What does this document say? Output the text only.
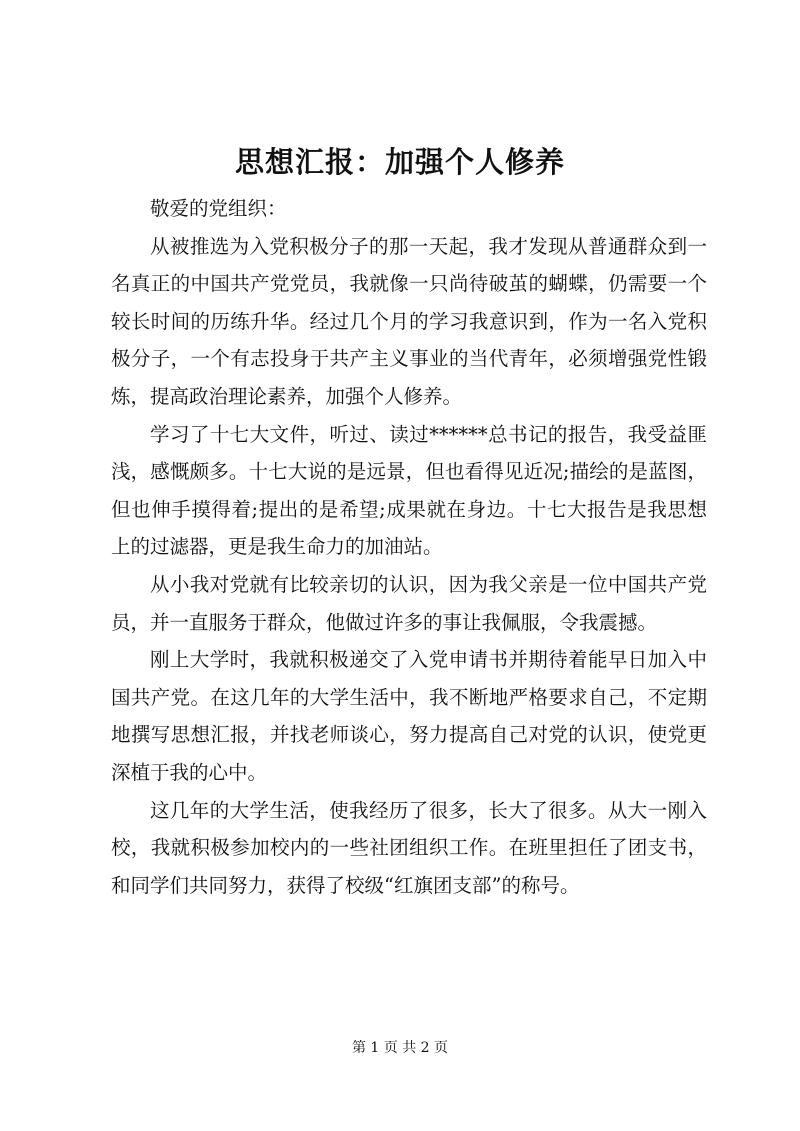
思想汇报：加强个人修养

敬爱的党组织：

从被推选为入党积极分子的那一天起，我才发现从普通群众到一名真正的中国共产党党员，我就像一只尚待破茧的蝴蝶，仍需要一个较长时间的历练升华。经过几个月的学习我意识到，作为一名入党积极分子，一个有志投身于共产主义事业的当代青年，必须增强党性锻炼，提高政治理论素养，加强个人修养。

学习了十七大文件，听过、读过******总书记的报告，我受益匪浅，感慨颇多。十七大说的是远景，但也看得见近况;描绘的是蓝图，但也伸手摸得着;提出的是希望;成果就在身边。十七大报告是我思想上的过滤器，更是我生命力的加油站。

从小我对党就有比较亲切的认识，因为我父亲是一位中国共产党员，并一直服务于群众，他做过许多的事让我佩服，令我震撼。

刚上大学时，我就积极递交了入党申请书并期待着能早日加入中国共产党。在这几年的大学生活中，我不断地严格要求自己，不定期地撰写思想汇报，并找老师谈心，努力提高自己对党的认识，使党更深植于我的心中。

这几年的大学生活，使我经历了很多，长大了很多。从大一刚入校，我就积极参加校内的一些社团组织工作。在班里担任了团支书，和同学们共同努力，获得了校级“红旗团支部”的称号。

第 1 页 共 2 页
